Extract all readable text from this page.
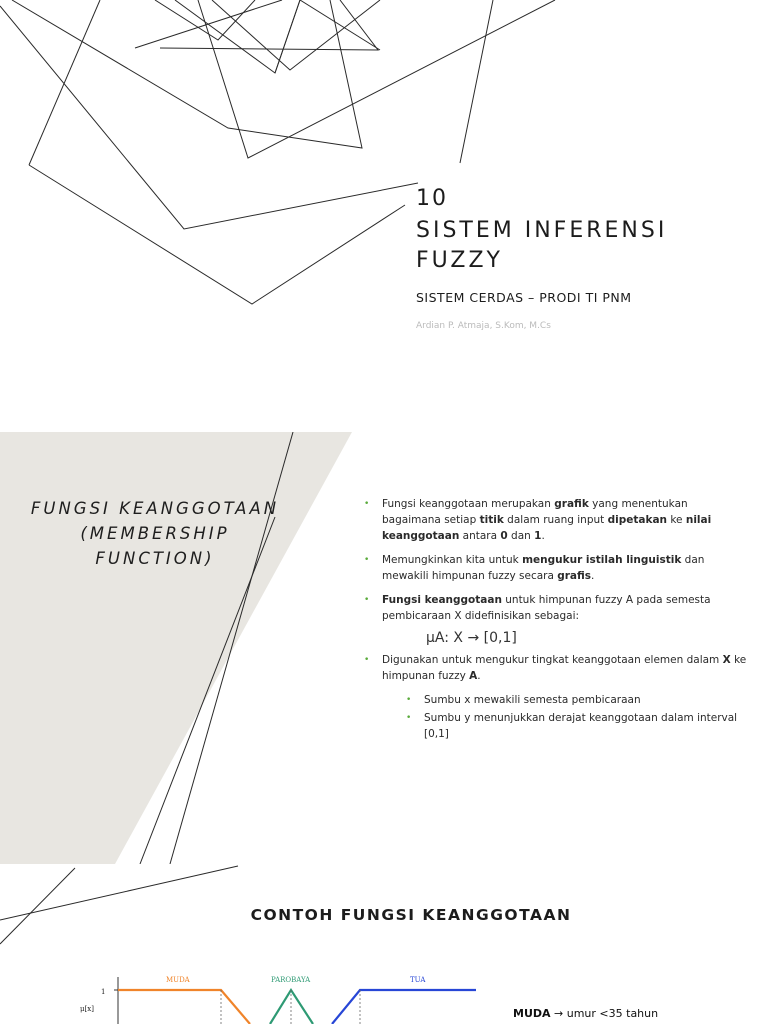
10
SISTEM INFERENSI FUZZY
SISTEM CERDAS – PRODI TI PNM
Ardian P. Atmaja, S.Kom, M.Cs
FUNGSI KEANGGOTAAN (MEMBERSHIP FUNCTION)
• Fungsi keanggotaan merupakan grafik yang menentukan bagaimana setiap titik dalam ruang input dipetakan ke nilai keanggotaan antara 0 dan 1.
• Memungkinkan kita untuk mengukur istilah linguistik dan mewakili himpunan fuzzy secara grafis.
• Fungsi keanggotaan untuk himpunan fuzzy A pada semesta pembicaraan X didefinisikan sebagai:
μA: X → [0,1]
• Digunakan untuk mengukur tingkat keanggotaan elemen dalam X ke himpunan fuzzy A.
• Sumbu x mewakili semesta pembicaraan
• Sumbu y menunjukkan derajat keanggotaan dalam interval [0,1]
CONTOH FUNGSI KEANGGOTAAN
1
μ[x]
MUDA	PAROBAYA	TUA
MUDA → umur <35 tahun
